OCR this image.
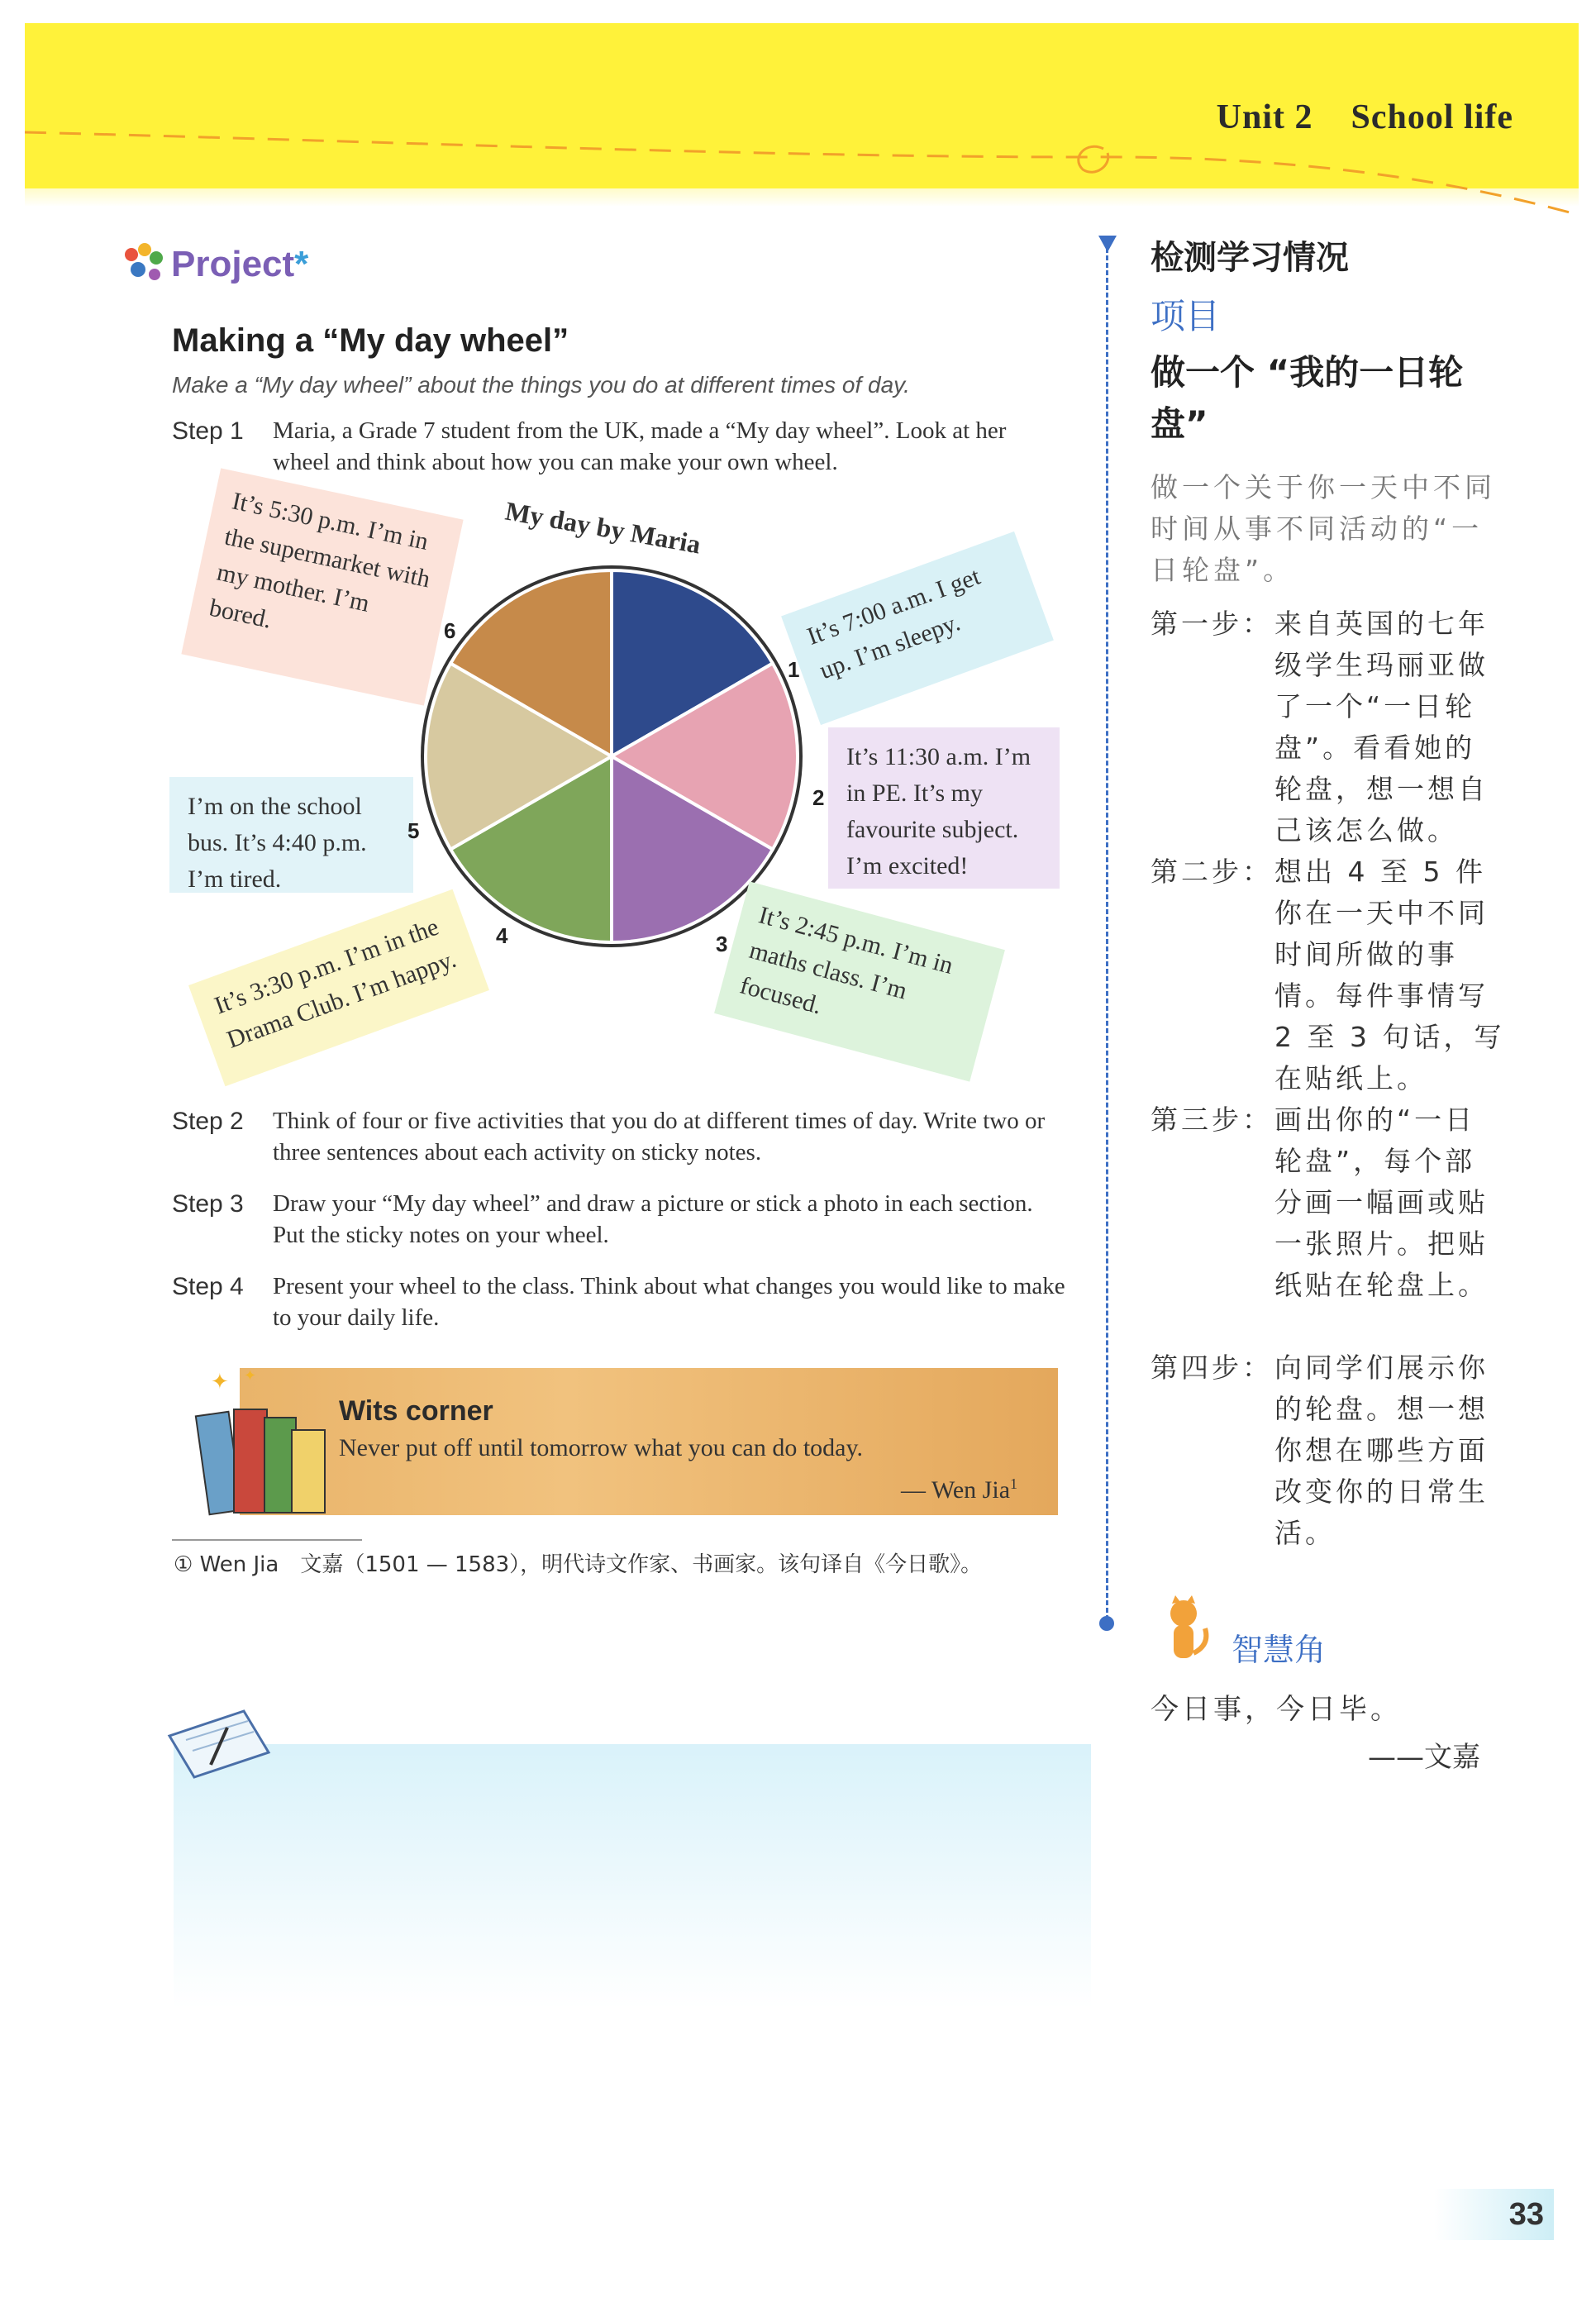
Unit 2    School life
Project*
Making a “My day wheel”
Make a “My day wheel” about the things you do at different times of day.
Step 1 Maria, a Grade 7 student from the UK, made a “My day wheel”. Look at her wheel and think about how you can make your own wheel.
My day by Maria
It’s 5:30 p.m. I’m in the supermarket with my mother. I’m bored.	6	It’s 7:00 a.m. I get up. I’m sleepy.
1
It’s 11:30 a.m. I’m in PE. It’s my favourite subject. I’m excited!
2
It’s 2:45 p.m. I’m in maths class. I’m focused.
3
It’s 3:30 p.m. I’m in the Drama Club. I’m happy.
4
I’m on the school bus. It’s 4:40 p.m. I’m tired.
5
Step 2 Think of four or five activities that you do at different times of day. Write two or three sentences about each activity on sticky notes.
Step 3 Draw your “My day wheel” and draw a picture or stick a photo in each section. Put the sticky notes on your wheel.
Step 4 Present your wheel to the class. Think about what changes you would like to make to your daily life.
✦ ✦
Wits corner
Never put off until tomorrow what you can do today.
— Wen Jia$^1$
① Wen Jia　文嘉（1501 — 1583），明代诗文作家、书画家。该句译自《今日歌》。
检测学习情况
项目
做一个 “我的一日轮盘”
做一个关于你一天中不同时间从事不同活动的“一日轮盘”。
第一步： 来自英国的七年级学生玛丽亚做了一个“一日轮盘”。看看她的轮盘，想一想自己该怎么做。
第二步： 想出 4 至 5 件你在一天中不同时间所做的事情。每件事情写 2 至 3 句话，写在贴纸上。
第三步： 画出你的“一日轮盘”，每个部分画一幅画或贴一张照片。把贴纸贴在轮盘上。
第四步： 向同学们展示你的轮盘。想一想你想在哪些方面改变你的日常生活。
智慧角
今日事，今日毕。
——文嘉
33
